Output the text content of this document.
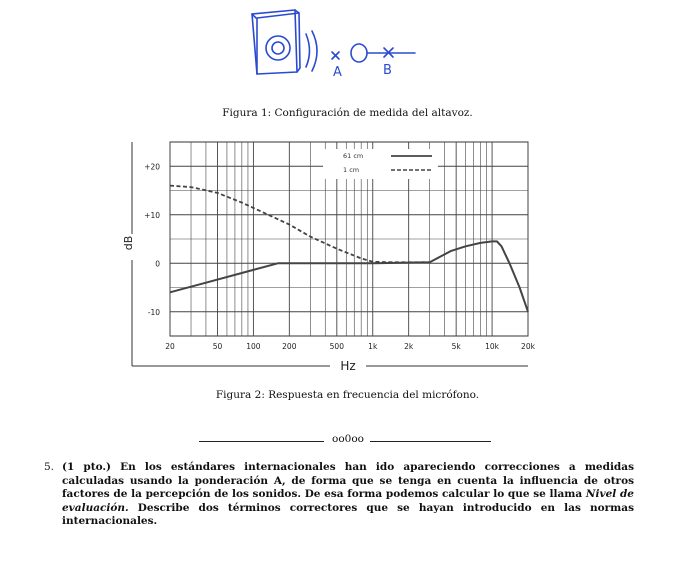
A	B
Figura 1: Configuración de medida del altavoz.
20	50	100	200	500	1k	2k	5k	10k	20k
+20
+10
0
-10
dB
Hz
61 cm
1 cm
Figura 2: Respuesta en frecuencia del micrófono.
oo0oo
5. (1 pto.) En los estándares internacionales han ido apareciendo correcciones a medidas calculadas usando la ponderación A, de forma que se tenga en cuenta la influencia de otros factores de la percepción de los sonidos. De esa forma podemos calcular lo que se llama Nivel de evaluación. Describe dos términos correctores que se hayan introducido en las normas internacionales.
